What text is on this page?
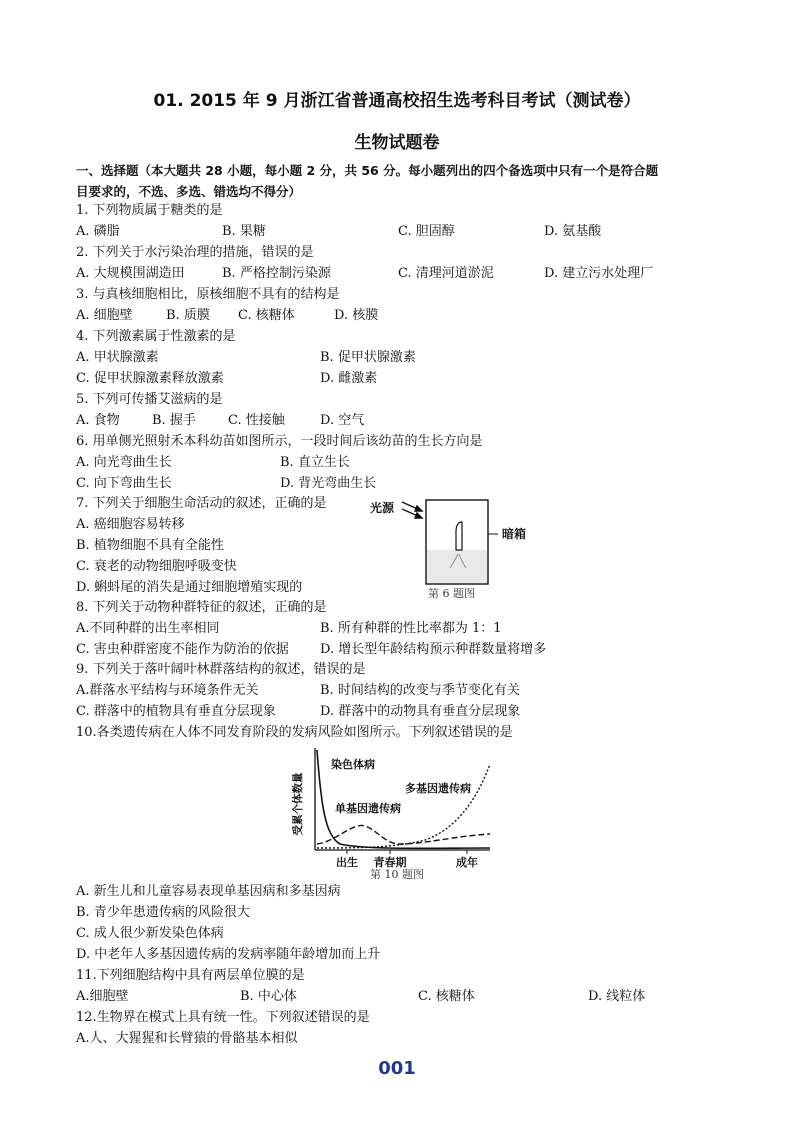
01. 2015 年 9 月浙江省普通高校招生选考科目考试（测试卷）
生物试题卷
一、选择题（本大题共 28 小题，每小题 2 分，共 56 分。每小题列出的四个备选项中只有一个是符合题
目要求的，不选、多选、错选均不得分）
1. 下列物质属于糖类的是
A. 磷脂	B. 果糖	C. 胆固醇	D. 氨基酸
2. 下列关于水污染治理的措施，错误的是
A. 大规模围湖造田	B. 严格控制污染源	C. 清理河道淤泥	D. 建立污水处理厂
3. 与真核细胞相比，原核细胞不具有的结构是
A. 细胞壁	B. 质膜 C. 核糖体	D. 核膜
4. 下列激素属于性激素的是
A. 甲状腺激素	B. 促甲状腺激素
C. 促甲状腺激素释放激素	D. 雌激素
5. 下列可传播艾滋病的是
A. 食物 B. 握手 C. 性接触	D. 空气
6. 用单侧光照射禾本科幼苗如图所示，一段时间后该幼苗的生长方向是
A. 向光弯曲生长	B. 直立生长
C. 向下弯曲生长	D. 背光弯曲生长
7. 下列关于细胞生命活动的叙述，正确的是
A. 癌细胞容易转移
B. 植物细胞不具有全能性
C. 衰老的动物细胞呼吸变快
D. 蝌蚪尾的消失是通过细胞增殖实现的
光源
暗箱
第 6 题图
8. 下列关于动物种群特征的叙述，正确的是
A.不同种群的出生率相同	B. 所有种群的性比率都为 1：1
C. 害虫种群密度不能作为防治的依据 D. 增长型年龄结构预示种群数量将增多
9. 下列关于落叶阔叶林群落结构的叙述，错误的是
A.群落水平结构与环境条件无关	B. 时间结构的改变与季节变化有关
C. 群落中的植物具有垂直分层现象	D. 群落中的动物具有垂直分层现象
10.各类遗传病在人体不同发育阶段的发病风险如图所示。下列叙述错误的是
受累个体数量
染色体病
单基因遗传病
多基因遗传病
出生 青春期	成年
第 10 题图
A. 新生儿和儿童容易表现单基因病和多基因病
B. 青少年患遗传病的风险很大
C. 成人很少新发染色体病
D. 中老年人多基因遗传病的发病率随年龄增加而上升
11.下列细胞结构中具有两层单位膜的是
A.细胞壁	B. 中心体	C. 核糖体	D. 线粒体
12.生物界在模式上具有统一性。下列叙述错误的是
A.人、大猩猩和长臂猿的骨骼基本相似
001
